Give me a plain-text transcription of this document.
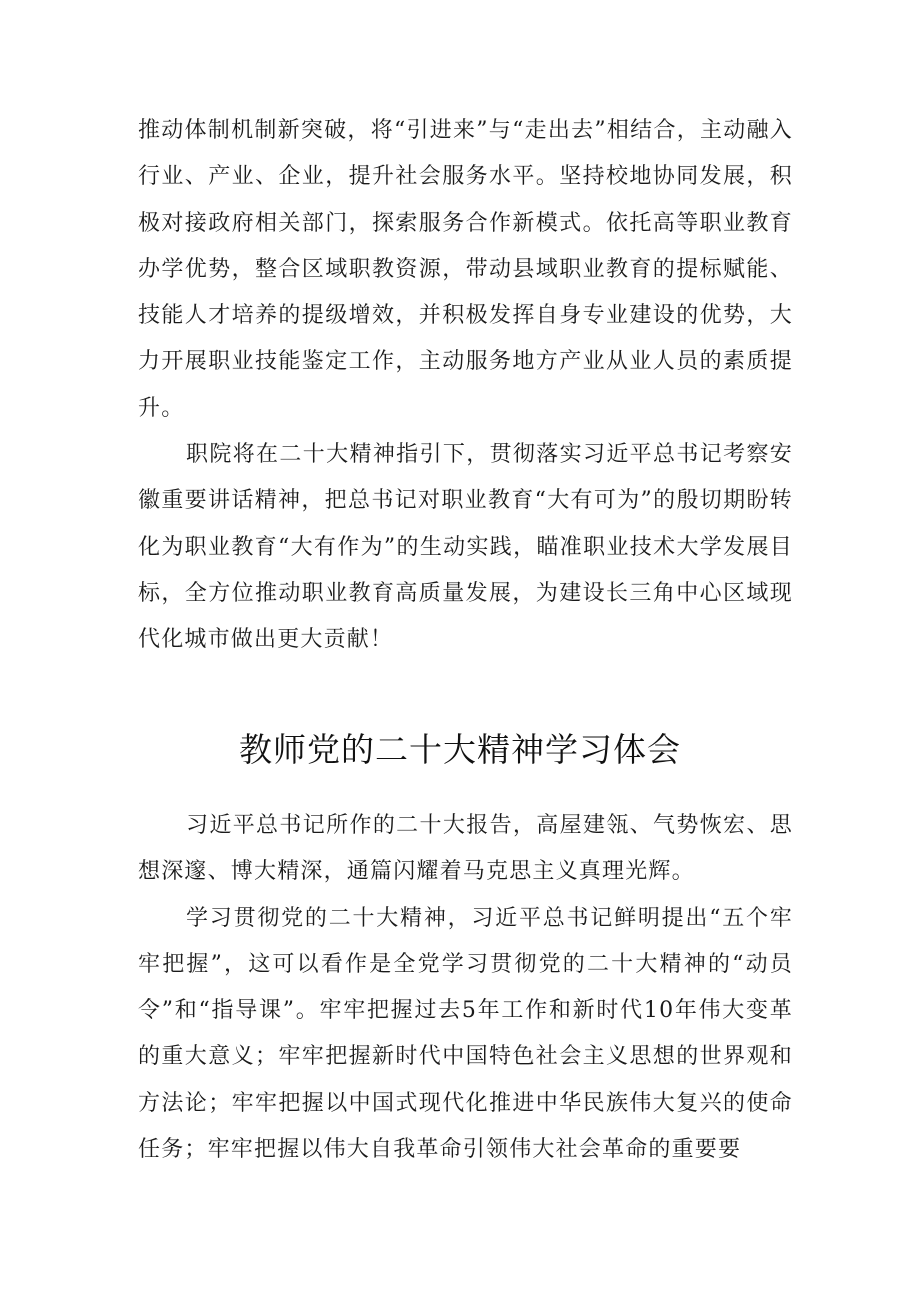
推动体制机制新突破，将“引进来”与“走出去”相结合，主动融入行业、产业、企业，提升社会服务水平。坚持校地协同发展，积极对接政府相关部门，探索服务合作新模式。依托高等职业教育办学优势，整合区域职教资源，带动县域职业教育的提标赋能、技能人才培养的提级增效，并积极发挥自身专业建设的优势，大力开展职业技能鉴定工作，主动服务地方产业从业人员的素质提升。

职院将在二十大精神指引下，贯彻落实习近平总书记考察安徽重要讲话精神，把总书记对职业教育“大有可为”的殷切期盼转化为职业教育“大有作为”的生动实践，瞄准职业技术大学发展目标，全方位推动职业教育高质量发展，为建设长三角中心区域现代化城市做出更大贡献！

教师党的二十大精神学习体会

习近平总书记所作的二十大报告，高屋建瓴、气势恢宏、思想深邃、博大精深，通篇闪耀着马克思主义真理光辉。

学习贯彻党的二十大精神，习近平总书记鲜明提出“五个牢牢把握”，这可以看作是全党学习贯彻党的二十大精神的“动员令”和“指导课”。牢牢把握过去5年工作和新时代10年伟大变革的重大意义；牢牢把握新时代中国特色社会主义思想的世界观和方法论；牢牢把握以中国式现代化推进中华民族伟大复兴的使命任务；牢牢把握以伟大自我革命引领伟大社会革命的重要要
